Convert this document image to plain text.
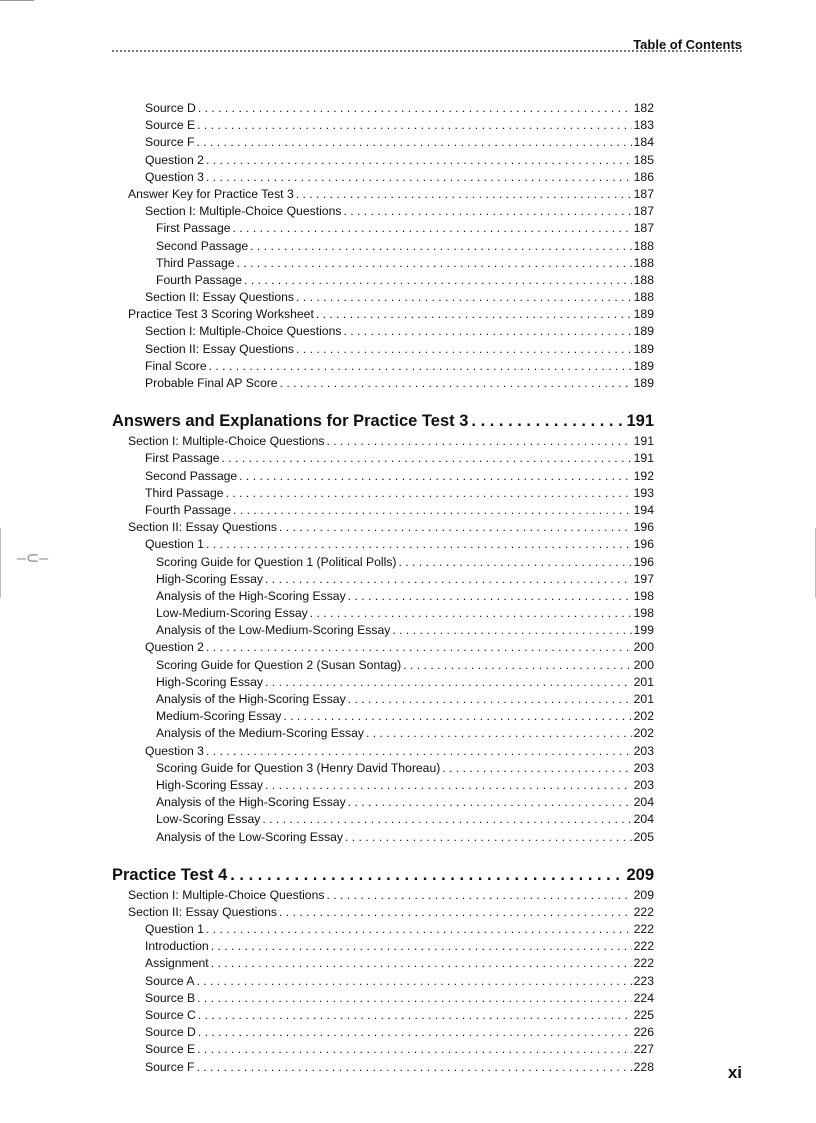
Table of Contents
–⊂–
Source D . . .	182
Source E . . .	183
Source F . . .	184
Question 2 . . .	185
Question 3 . . .	186
Answer Key for Practice Test 3 . . .	187
Section I: Multiple-Choice Questions . . .	187
First Passage . . .	187
Second Passage . . .	188
Third Passage . . .	188
Fourth Passage . . .	188
Section II: Essay Questions . . .	188
Practice Test 3 Scoring Worksheet . . .	189
Section I: Multiple-Choice Questions . . .	189
Section II: Essay Questions . . .	189
Final Score . . .	189
Probable Final AP Score . . .	189
Answers and Explanations for Practice Test 3 . . .	191
Section I: Multiple-Choice Questions . . .	191
First Passage . . .	191
Second Passage . . .	192
Third Passage . . .	193
Fourth Passage . . .	194
Section II: Essay Questions . . .	196
Question 1 . . .	196
Scoring Guide for Question 1 (Political Polls) . . .	196
High-Scoring Essay . . .	197
Analysis of the High-Scoring Essay . . .	198
Low-Medium-Scoring Essay . . .	198
Analysis of the Low-Medium-Scoring Essay . . .	199
Question 2 . . .	200
Scoring Guide for Question 2 (Susan Sontag) . . .	200
High-Scoring Essay . . .	201
Analysis of the High-Scoring Essay . . .	201
Medium-Scoring Essay . . .	202
Analysis of the Medium-Scoring Essay . . .	202
Question 3 . . .	203
Scoring Guide for Question 3 (Henry David Thoreau) . . .	203
High-Scoring Essay . . .	203
Analysis of the High-Scoring Essay . . .	204
Low-Scoring Essay . . .	204
Analysis of the Low-Scoring Essay . . .	205
Practice Test 4 . . .	209
Section I: Multiple-Choice Questions . . .	209
Section II: Essay Questions . . .	222
Question 1 . . .	222
Introduction . . .	222
Assignment . . .	222
Source A . . .	223
Source B . . .	224
Source C . . .	225
Source D . . .	226
Source E . . .	227
Source F . . .	228	xi
